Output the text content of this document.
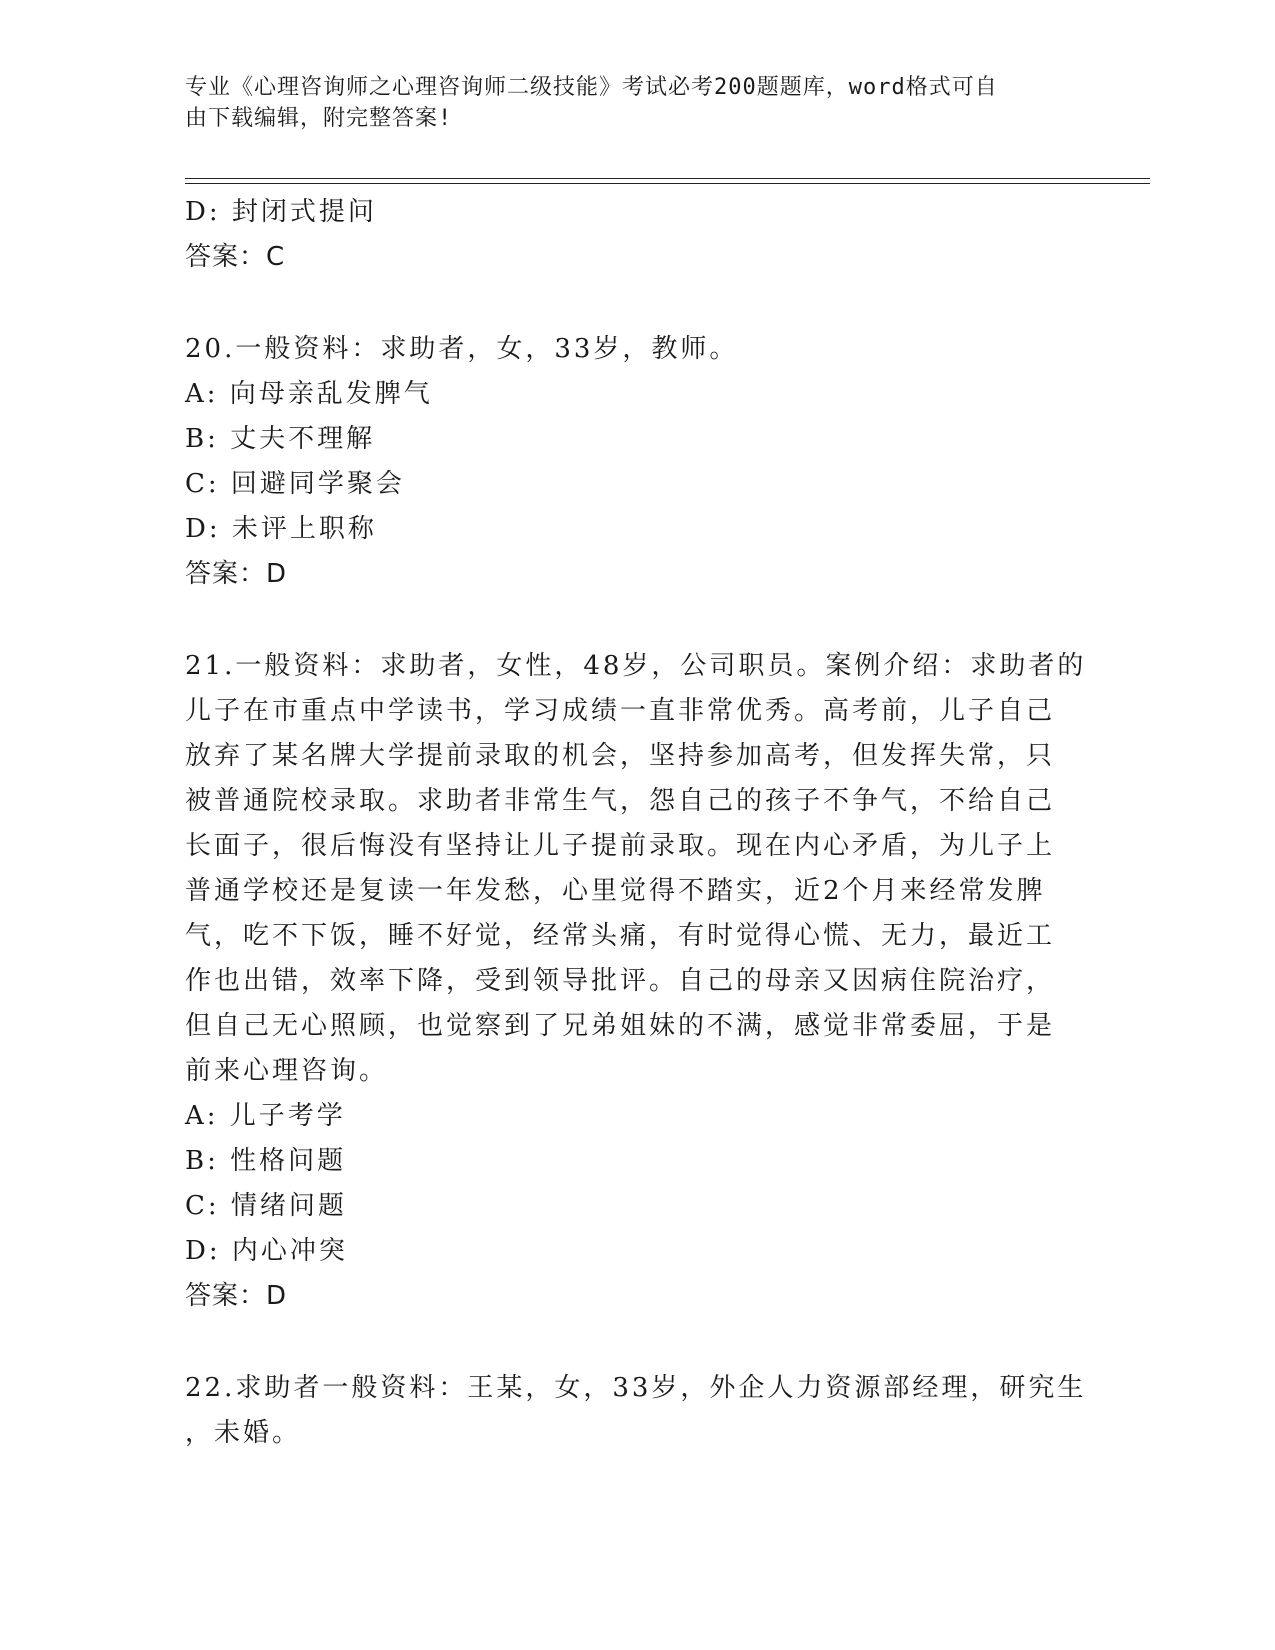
专业《心理咨询师之心理咨询师二级技能》考试必考200题题库，word格式可自
由下载编辑，附完整答案!
D: 封闭式提问
答案：C
20.一般资料：求助者，女，33岁，教师。
A: 向母亲乱发脾气
B: 丈夫不理解
C: 回避同学聚会
D: 未评上职称
答案：D
21.一般资料：求助者，女性，48岁，公司职员。案例介绍：求助者的
儿子在市重点中学读书，学习成绩一直非常优秀。高考前，儿子自己
放弃了某名牌大学提前录取的机会，坚持参加高考，但发挥失常，只
被普通院校录取。求助者非常生气，怨自己的孩子不争气，不给自己
长面子，很后悔没有坚持让儿子提前录取。现在内心矛盾，为儿子上
普通学校还是复读一年发愁，心里觉得不踏实，近2个月来经常发脾
气，吃不下饭，睡不好觉，经常头痛，有时觉得心慌、无力，最近工
作也出错，效率下降，受到领导批评。自己的母亲又因病住院治疗，
但自己无心照顾，也觉察到了兄弟姐妹的不满，感觉非常委屈，于是
前来心理咨询。
A: 儿子考学
B: 性格问题
C: 情绪问题
D: 内心冲突
答案：D
22.求助者一般资料：王某，女，33岁，外企人力资源部经理，研究生
，未婚。
